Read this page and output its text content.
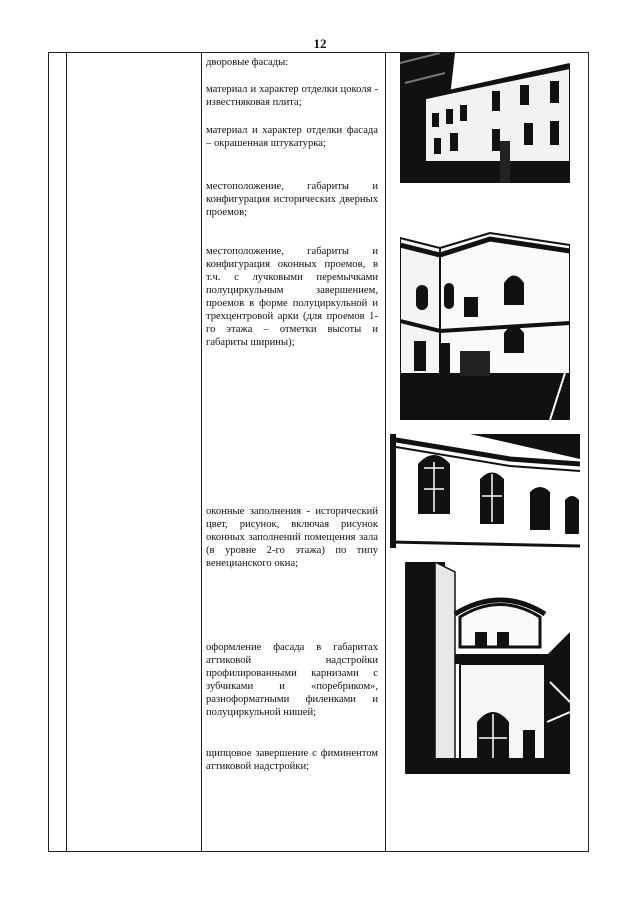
12
дворовые фасады:
материал и характер отделки цоколя - известняковая плита;
материал и характер отделки фасада – окрашенная штукатурка;
местоположение, габариты и конфигурация исторических дверных проемов;
местоположение, габариты и конфигурация оконных проемов, в т.ч. с лучковыми перемычками полуциркульным завершением, проемов в форме полуциркульной и трехцентровой арки (для проемов 1-го этажа – отметки высоты и габариты ширины);
оконные заполнения - исторический цвет, рисунок, включая рисунок оконных заполнений помещения зала (в уровне 2-го этажа) по типу венецианского окна;
оформление фасада в габаритах аттиковой надстройки профилированными карнизами с зубчиками и «поребриком», разноформатными филенками и полуциркульной нишей;
щипцовое завершение с фиминентом аттиковой надстройки;
